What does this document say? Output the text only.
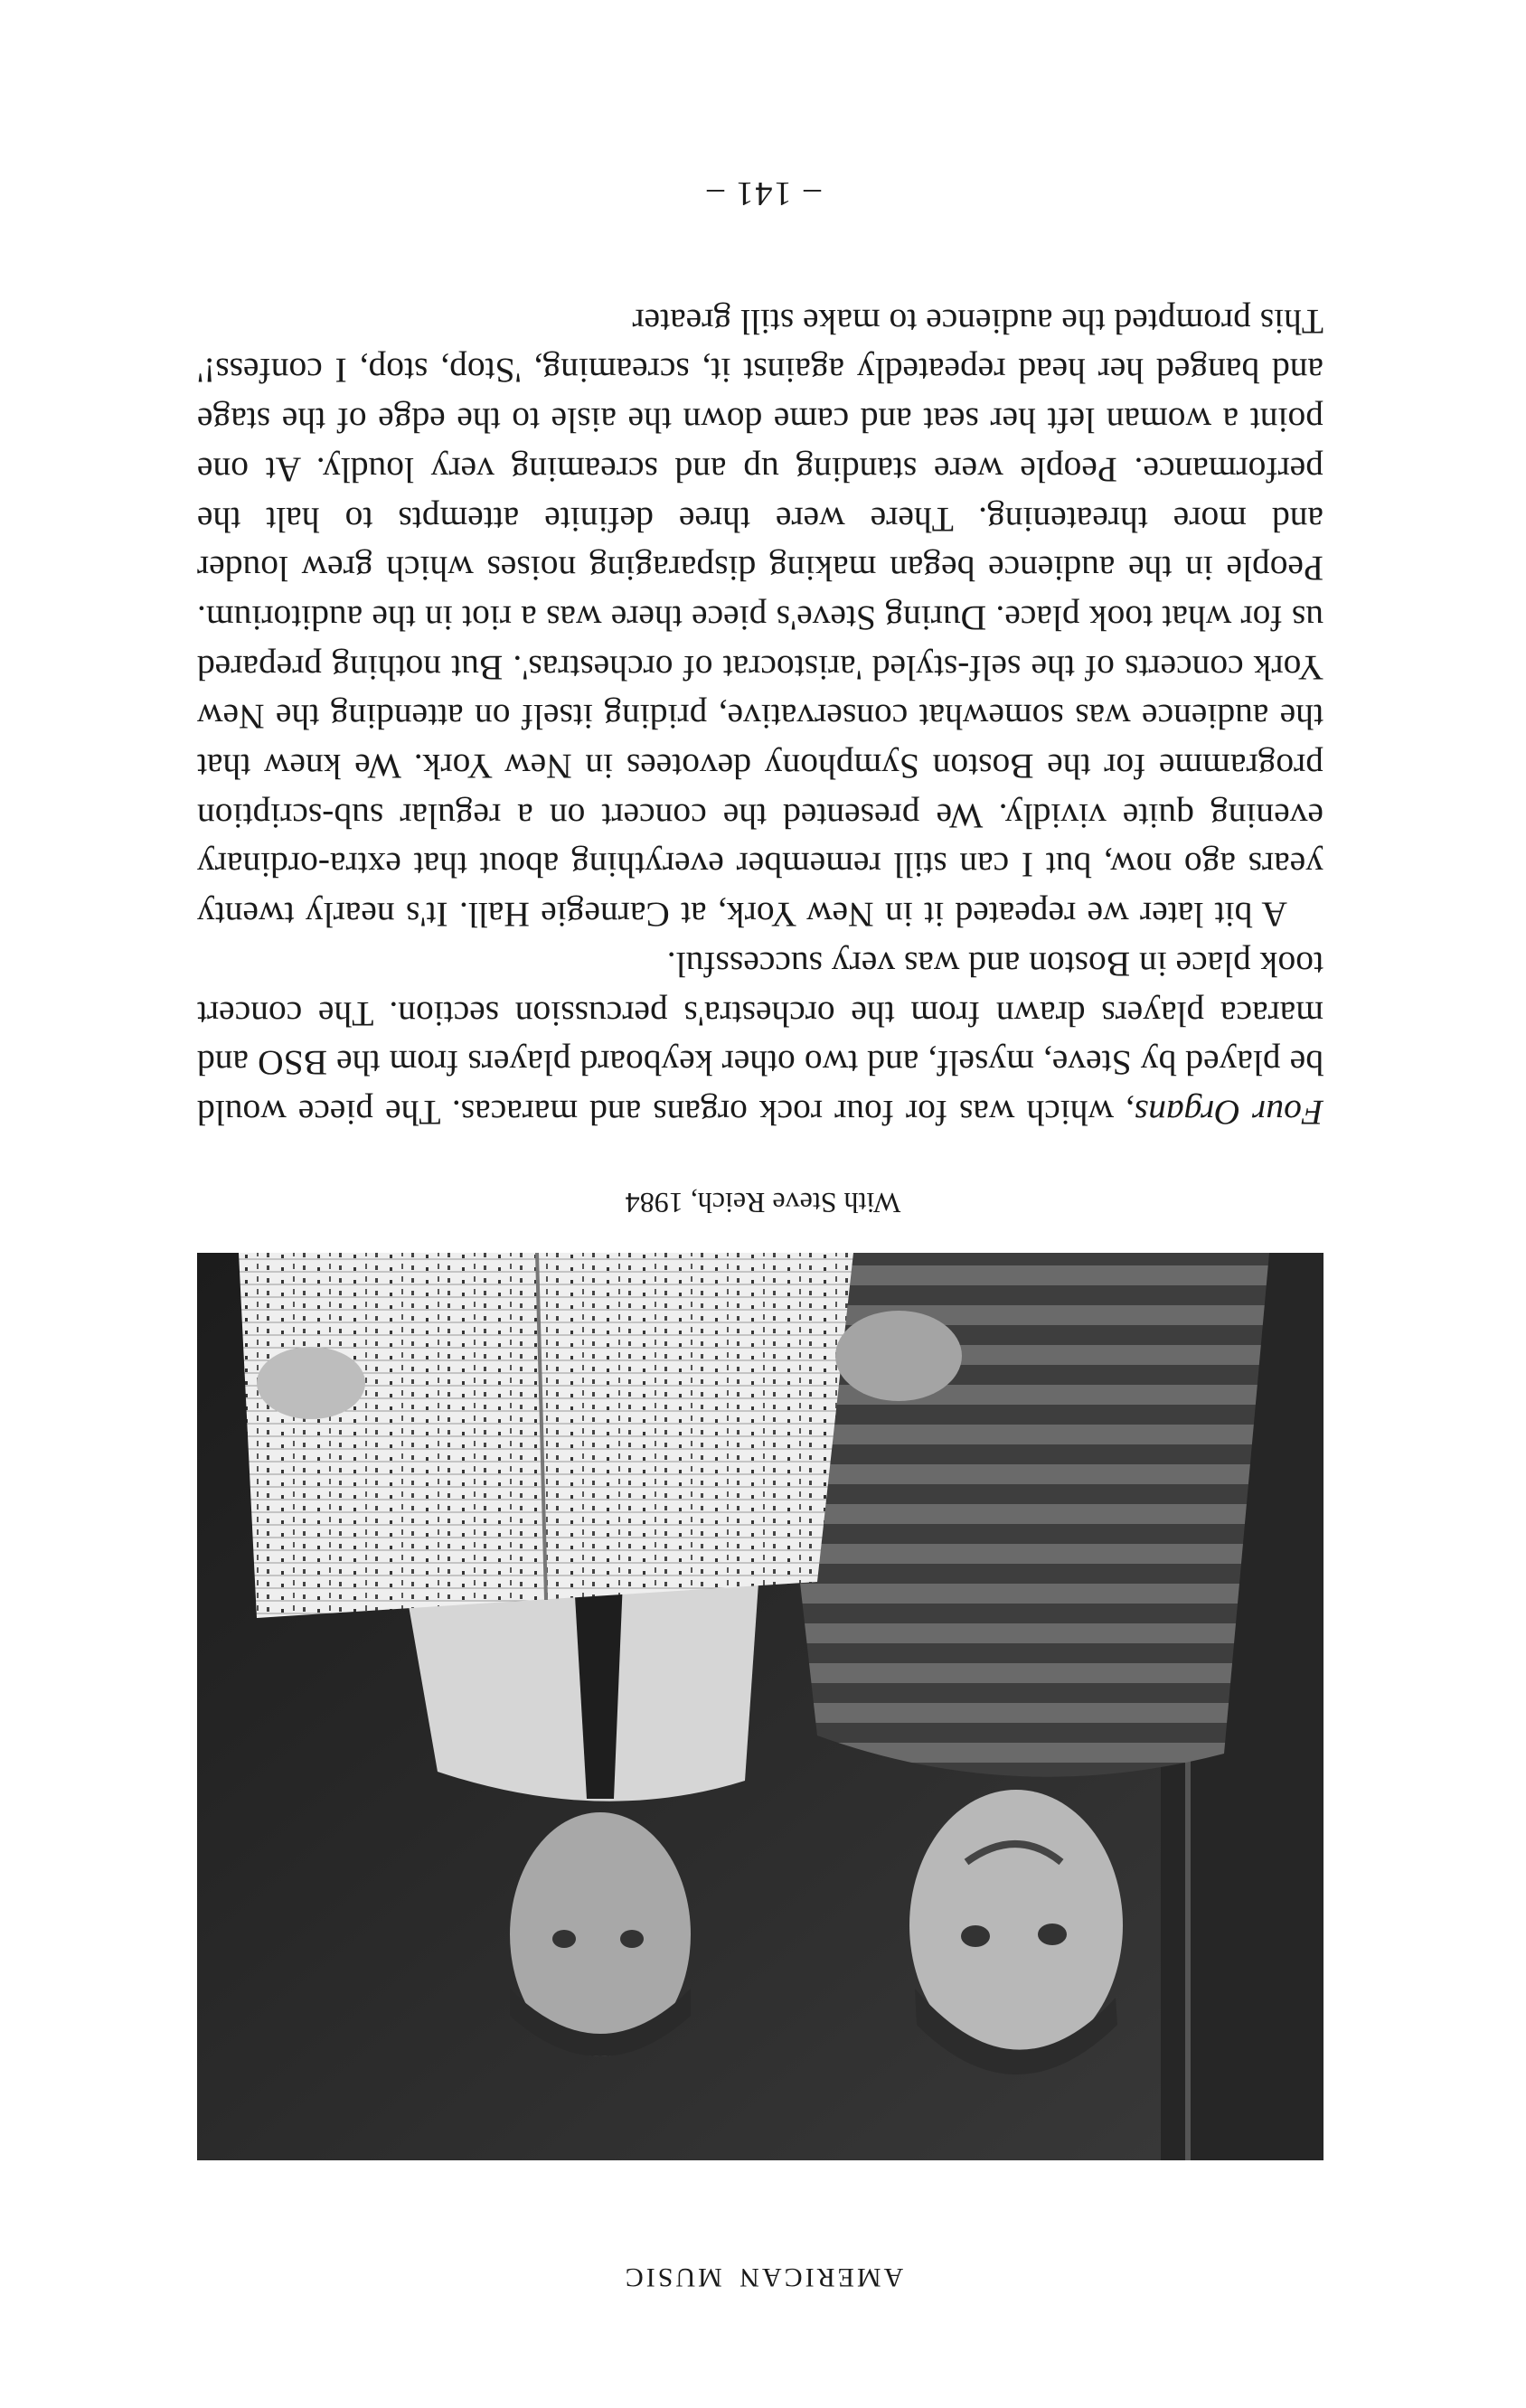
AMERICAN MUSIC
With Steve Reich, 1984

Four Organs, which was for four rock organs and maracas. The piece would be played by Steve, myself, and two other keyboard players from the BSO and maraca players drawn from the orchestra's percussion section. The concert took place in Boston and was very successful.

A bit later we repeated it in New York, at Carnegie Hall. It's nearly twenty years ago now, but I can still remember everything about that extra-ordinary evening quite vividly. We presented the concert on a regular sub-scription programme for the Boston Symphony devotees in New York. We knew that the audience was somewhat conservative, priding itself on attending the New York concerts of the self-styled 'aristocrat of orchestras'. But nothing prepared us for what took place. During Steve's piece there was a riot in the auditorium. People in the audience began making disparaging noises which grew louder and more threatening. There were three definite attempts to halt the performance. People were standing up and screaming very loudly. At one point a woman left her seat and came down the aisle to the edge of the stage and banged her head repeatedly against it, screaming, 'Stop, stop, I confess!' This prompted the audience to make still greater

– 141 –
